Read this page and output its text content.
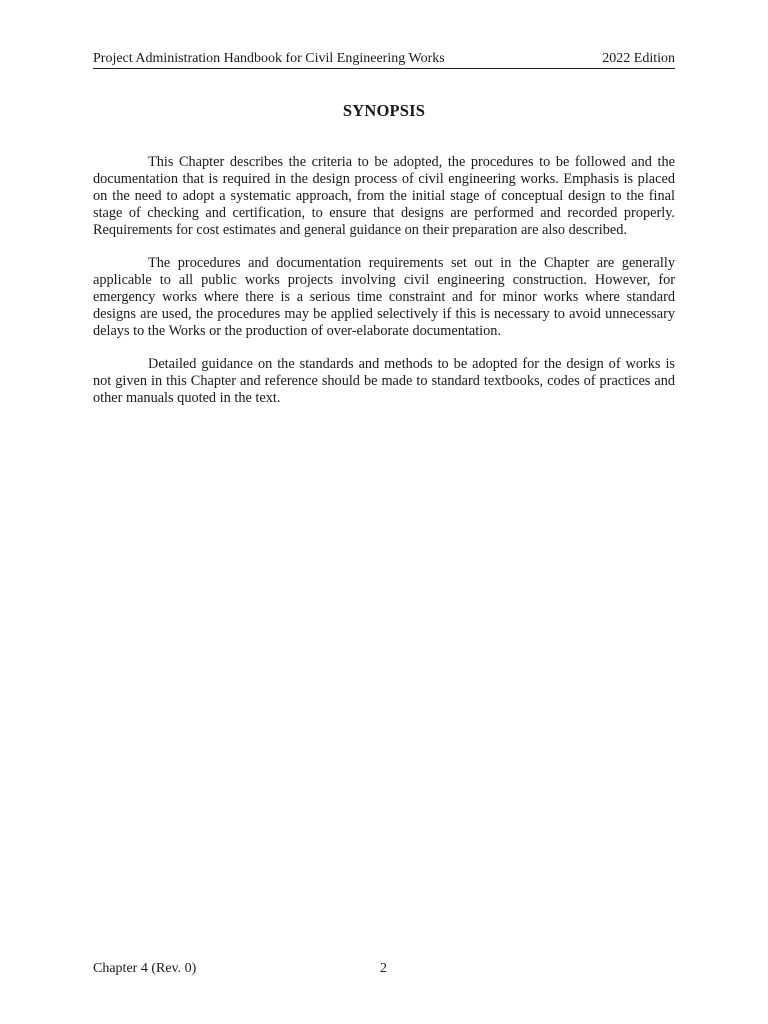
Project Administration Handbook for Civil Engineering Works	2022 Edition
SYNOPSIS

This Chapter describes the criteria to be adopted, the procedures to be followed and the documentation that is required in the design process of civil engineering works. Emphasis is placed on the need to adopt a systematic approach, from the initial stage of conceptual design to the final stage of checking and certification, to ensure that designs are performed and recorded properly. Requirements for cost estimates and general guidance on their preparation are also described.

The procedures and documentation requirements set out in the Chapter are generally applicable to all public works projects involving civil engineering construction. However, for emergency works where there is a serious time constraint and for minor works where standard designs are used, the procedures may be applied selectively if this is necessary to avoid unnecessary delays to the Works or the production of over-elaborate documentation.

Detailed guidance on the standards and methods to be adopted for the design of works is not given in this Chapter and reference should be made to standard textbooks, codes of practices and other manuals quoted in the text.

Chapter 4 (Rev. 0)	2
